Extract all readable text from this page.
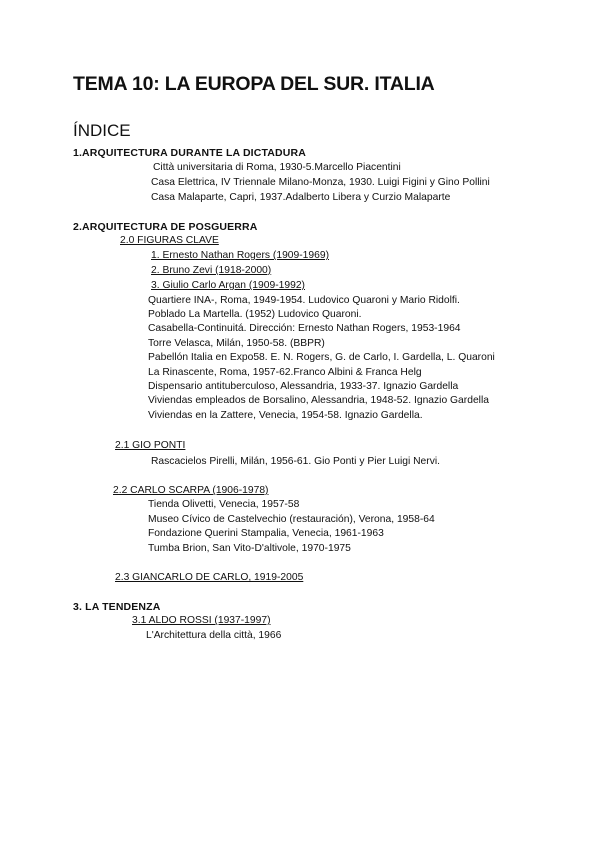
TEMA 10: LA EUROPA DEL SUR. ITALIA
ÍNDICE
1.ARQUITECTURA DURANTE LA DICTADURA
Città universitaria di Roma, 1930-5.Marcello Piacentini
Casa Elettrica, IV Triennale Milano-Monza, 1930. Luigi Figini y Gino Pollini
Casa Malaparte, Capri, 1937.Adalberto Libera y Curzio Malaparte
2.ARQUITECTURA DE POSGUERRA
2.0 FIGURAS CLAVE
1. Ernesto Nathan Rogers (1909-1969)
2. Bruno Zevi (1918-2000)
3. Giulio Carlo Argan (1909-1992)
Quartiere INA-, Roma, 1949-1954. Ludovico Quaroni y Mario Ridolfi.
Poblado La Martella. (1952) Ludovico Quaroni.
Casabella-Continuitá. Dirección: Ernesto Nathan Rogers, 1953-1964
Torre Velasca, Milán, 1950-58. (BBPR)
Pabellón Italia en Expo58. E. N. Rogers, G. de Carlo, I. Gardella, L. Quaroni
La Rinascente, Roma, 1957-62.Franco Albini & Franca Helg
Dispensario antituberculoso, Alessandria, 1933-37. Ignazio Gardella
Viviendas empleados de Borsalino, Alessandria, 1948-52. Ignazio Gardella
Viviendas en la Zattere, Venecia, 1954-58. Ignazio Gardella.
2.1 GIO PONTI
Rascacielos Pirelli, Milán, 1956-61. Gio Ponti y Pier Luigi Nervi.
2.2 CARLO SCARPA (1906-1978)
Tienda Olivetti, Venecia, 1957-58
Museo Cívico de Castelvechio (restauración), Verona, 1958-64
Fondazione Querini Stampalia, Venecia, 1961-1963
Tumba Brion, San Vito-D'altivole, 1970-1975
2.3 GIANCARLO DE CARLO, 1919-2005
3. LA TENDENZA
3.1 ALDO ROSSI (1937-1997)
L'Architettura della città, 1966
